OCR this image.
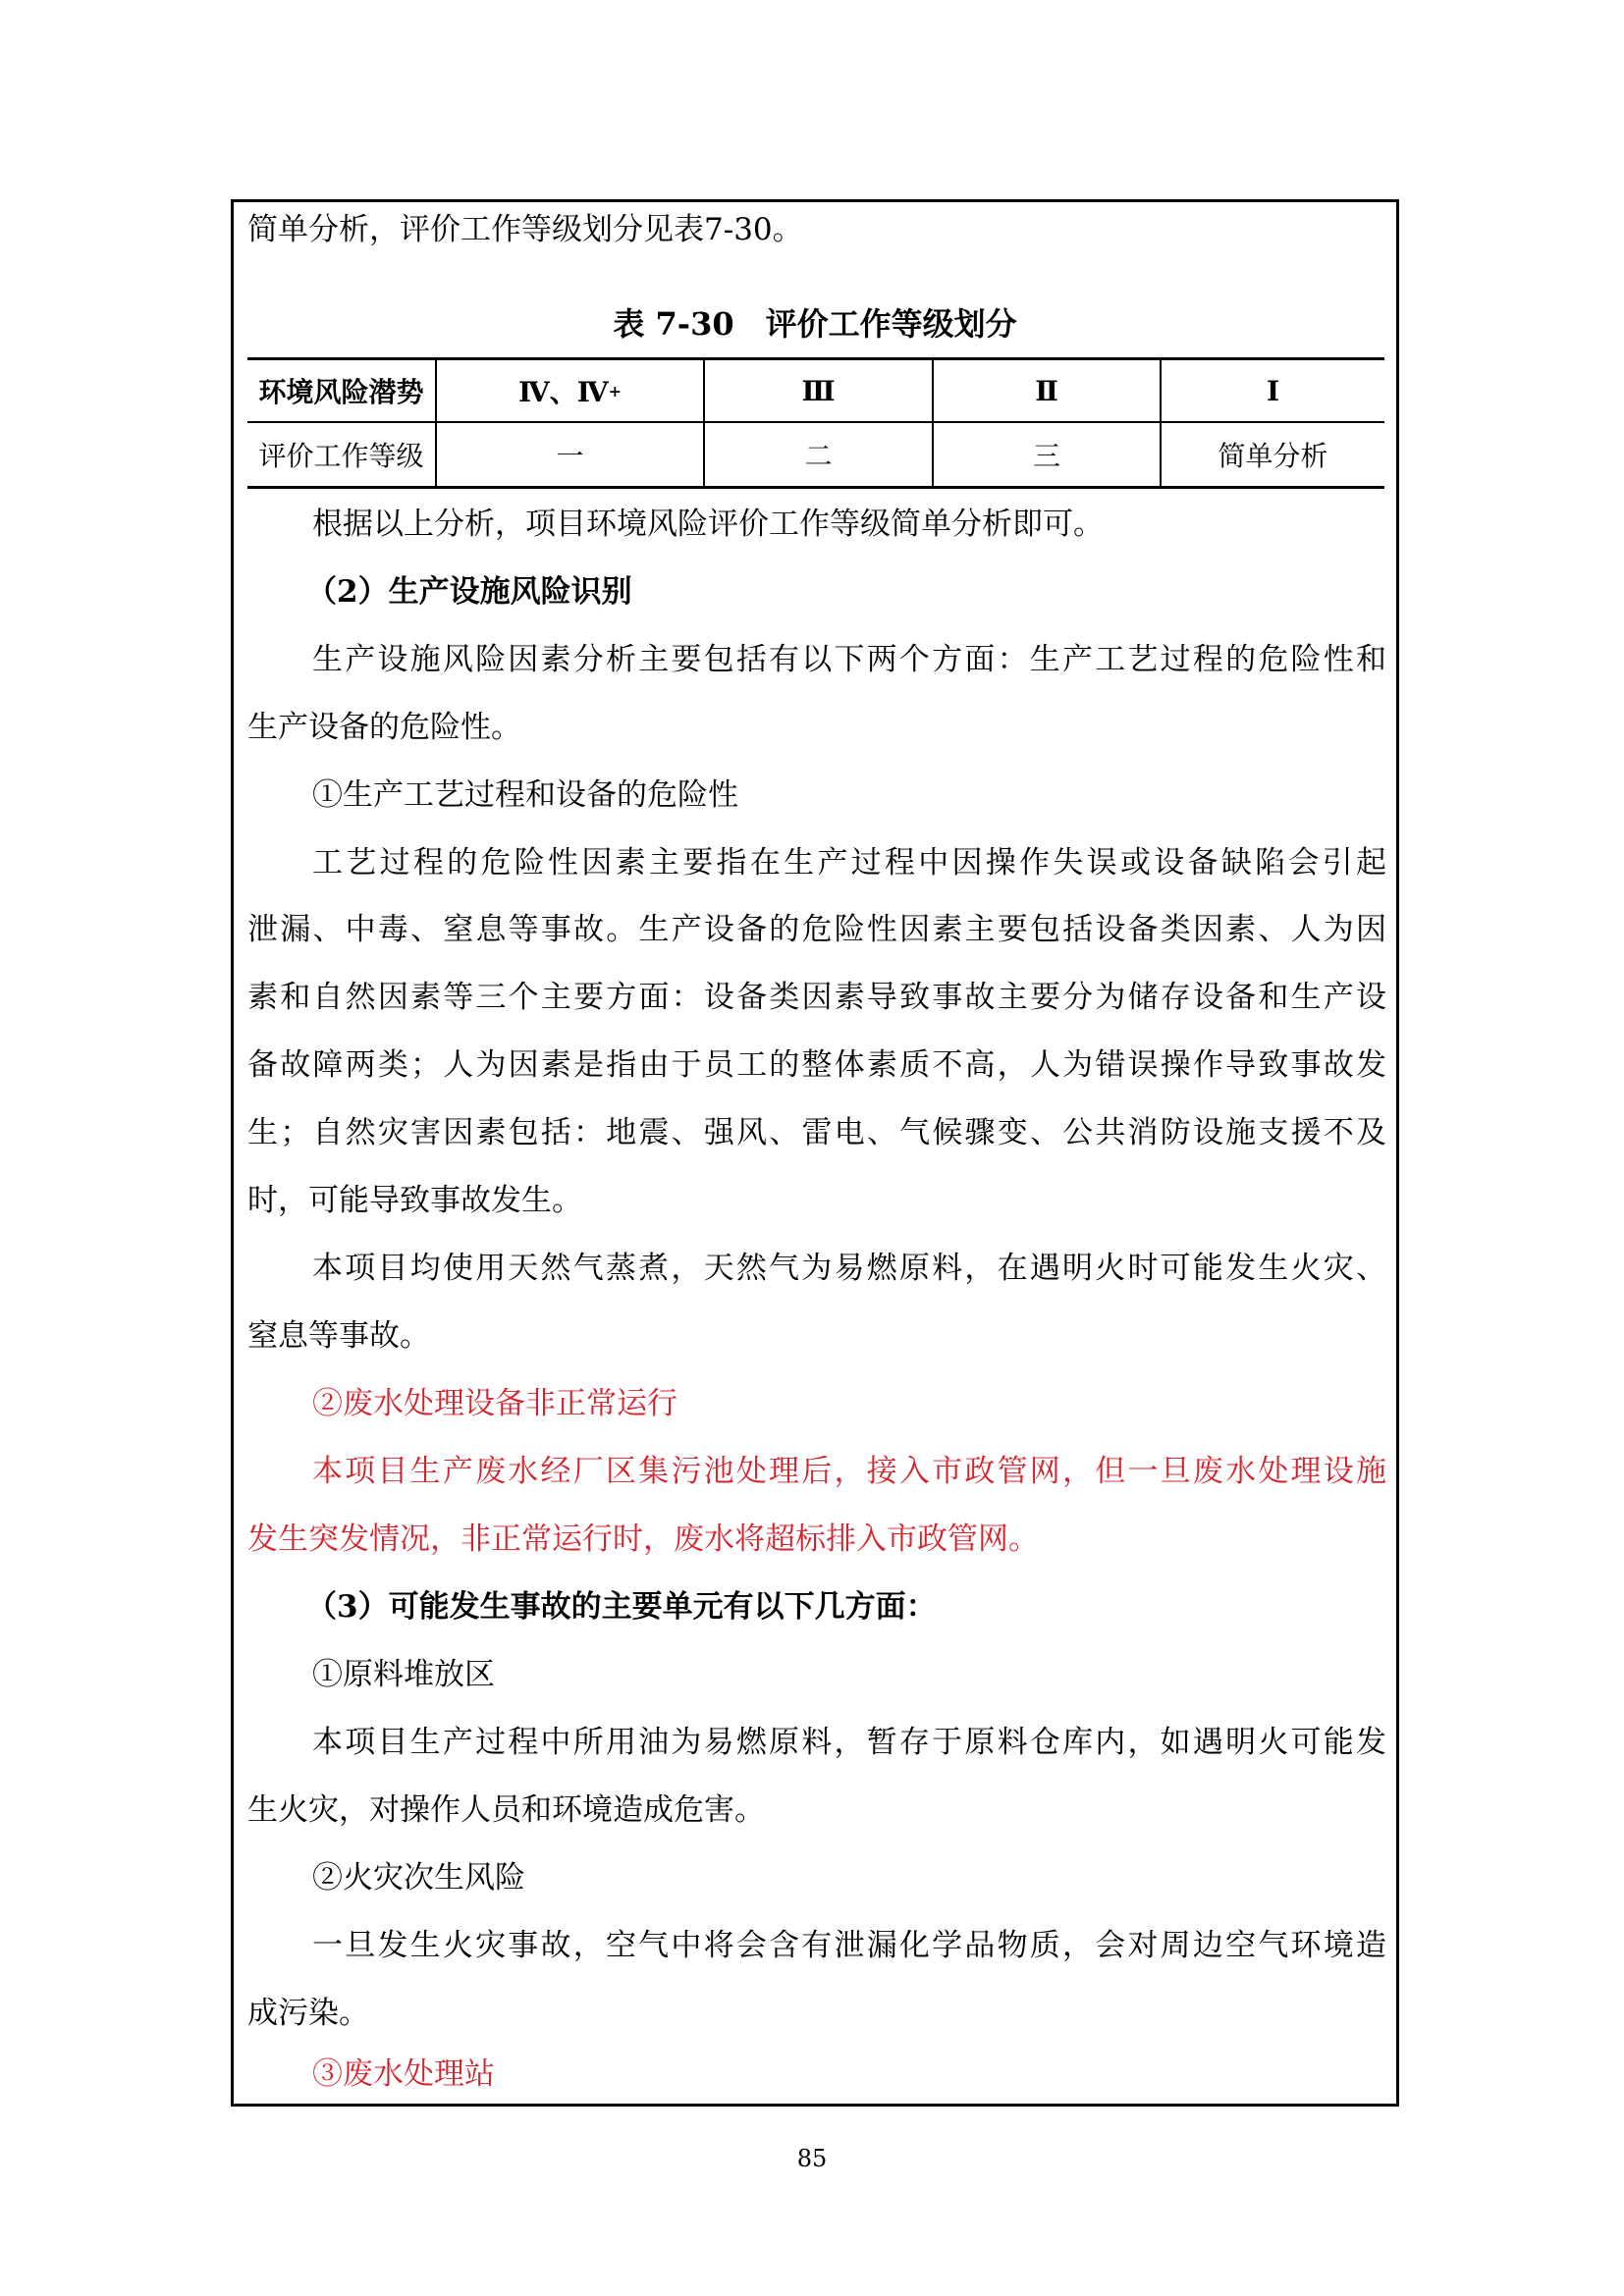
简单分析，评价工作等级划分见表7-30。
表 7-30　评价工作等级划分
环境风险潜势	Ⅳ、Ⅳ +	Ⅲ	Ⅱ	Ⅰ
评价工作等级	一	二	三	简单分析
根据以上分析，项目环境风险评价工作等级简单分析即可。
（2）生产设施风险识别
生产设施风险因素分析主要包括有以下两个方面：生产工艺过程的危险性和
生产设备的危险性。
①生产工艺过程和设备的危险性
工艺过程的危险性因素主要指在生产过程中因操作失误或设备缺陷会引起
泄漏、中毒、窒息等事故。生产设备的危险性因素主要包括设备类因素、人为因
素和自然因素等三个主要方面：设备类因素导致事故主要分为储存设备和生产设
备故障两类；人为因素是指由于员工的整体素质不高，人为错误操作导致事故发
生；自然灾害因素包括：地震、强风、雷电、气候骤变、公共消防设施支援不及
时，可能导致事故发生。
本项目均使用天然气蒸煮，天然气为易燃原料，在遇明火时可能发生火灾、
窒息等事故。
②废水处理设备非正常运行
本项目生产废水经厂区集污池处理后，接入市政管网，但一旦废水处理设施
发生突发情况，非正常运行时，废水将超标排入市政管网。
（3）可能发生事故的主要单元有以下几方面：
①原料堆放区
本项目生产过程中所用油为易燃原料，暂存于原料仓库内，如遇明火可能发
生火灾，对操作人员和环境造成危害。
②火灾次生风险
一旦发生火灾事故，空气中将会含有泄漏化学品物质，会对周边空气环境造
成污染。
③废水处理站
85
